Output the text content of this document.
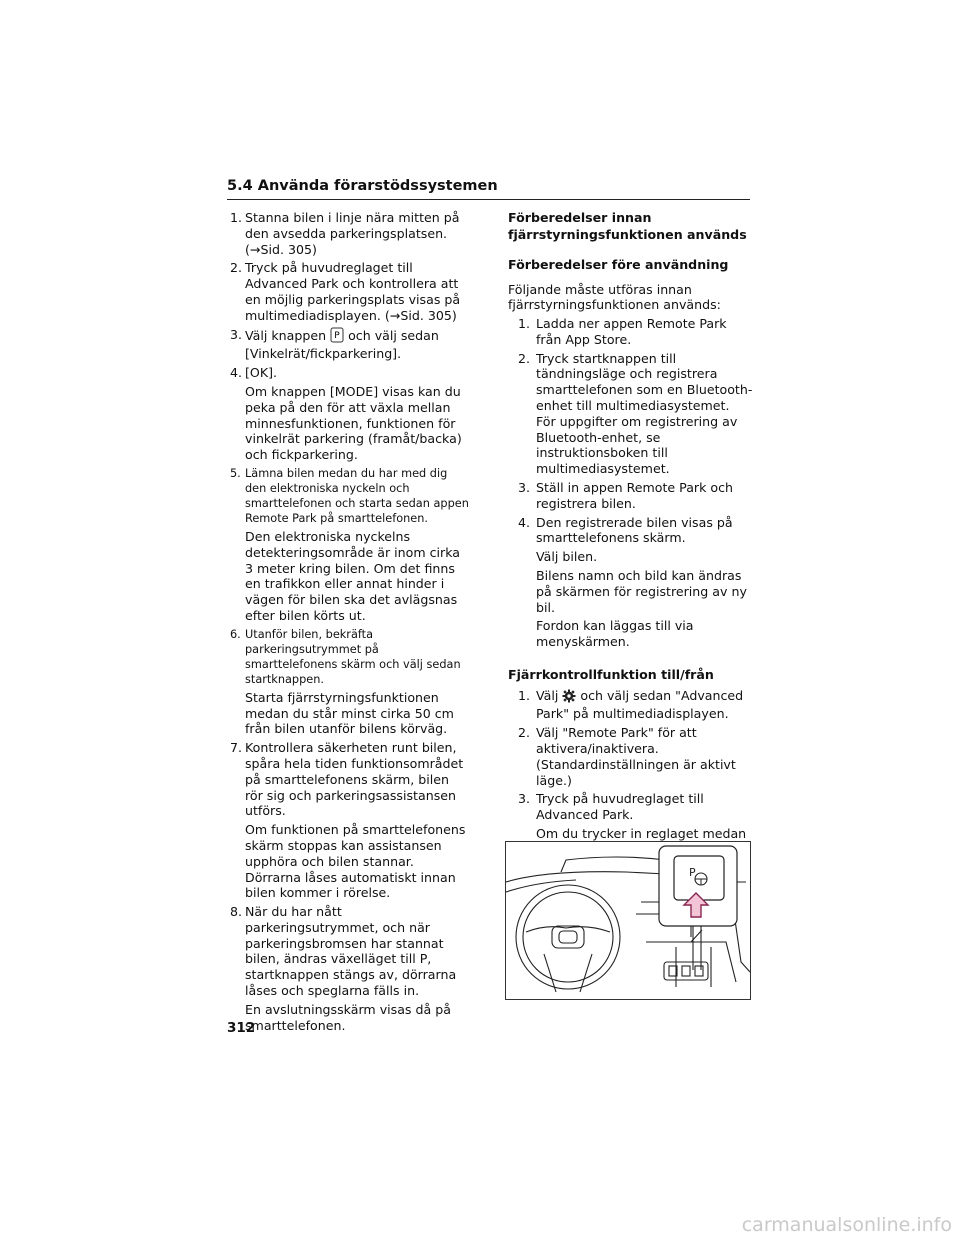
5.4 Använda förarstödssystemen
1. Stanna bilen i linje nära mitten på den avsedda parkeringsplatsen. (→Sid. 305)
2. Tryck på huvudreglaget till Advanced Park och kontrollera att en möjlig parkeringsplats visas på multimediadisplayen. (→Sid. 305)
3. Välj knappen P och välj sedan [Vinkelrät/fickparkering].
4. [OK].
Om knappen [MODE] visas kan du peka på den för att växla mellan minnesfunktionen, funktionen för vinkelrät parkering (framåt/backa) och fickparkering.
5. Lämna bilen medan du har med dig den elektroniska nyckeln och smarttelefonen och starta sedan appen Remote Park på smarttelefonen.
Den elektroniska nyckelns detekteringsområde är inom cirka 3 meter kring bilen. Om det finns en trafikkon eller annat hinder i vägen för bilen ska det avlägsnas efter bilen körts ut.
6. Utanför bilen, bekräfta parkeringsutrymmet på smarttelefonens skärm och välj sedan startknappen.
Starta fjärrstyrningsfunktionen medan du står minst cirka 50 cm från bilen utanför bilens körväg.
7. Kontrollera säkerheten runt bilen, spåra hela tiden funktionsområdet på smarttelefonens skärm, bilen rör sig och parkeringsassistansen utförs.
Om funktionen på smarttelefonens skärm stoppas kan assistansen upphöra och bilen stannar. Dörrarna låses automatiskt innan bilen kommer i rörelse.
8. När du har nått parkeringsutrymmet, och när parkeringsbromsen har stannat bilen, ändras växelläget till P, startknappen stängs av, dörrarna låses och speglarna fälls in.
En avslutningsskärm visas då på smarttelefonen.
Förberedelser innan fjärrstyrningsfunktionen används
Förberedelser före användning
Följande måste utföras innan fjärrstyrningsfunktionen används:
1. Ladda ner appen Remote Park från App Store.
2. Tryck startknappen till tändningsläge och registrera smarttelefonen som en Bluetooth-enhet till multimediasystemet. För uppgifter om registrering av Bluetooth-enhet, se instruktionsboken till multimediasystemet.
3. Ställ in appen Remote Park och registrera bilen.
4. Den registrerade bilen visas på smarttelefonens skärm.
Välj bilen.
Bilens namn och bild kan ändras på skärmen för registrering av ny bil.
Fordon kan läggas till via menyskärmen.
Fjärrkontrollfunktion till/från
1. Välj och välj sedan "Advanced Park" på multimediadisplayen.
2. Välj "Remote Park" för att aktivera/inaktivera. (Standardinställningen är aktivt läge.)
3. Tryck på huvudreglaget till Advanced Park.
Om du trycker in reglaget medan
P
312
carmanualsonline.info
